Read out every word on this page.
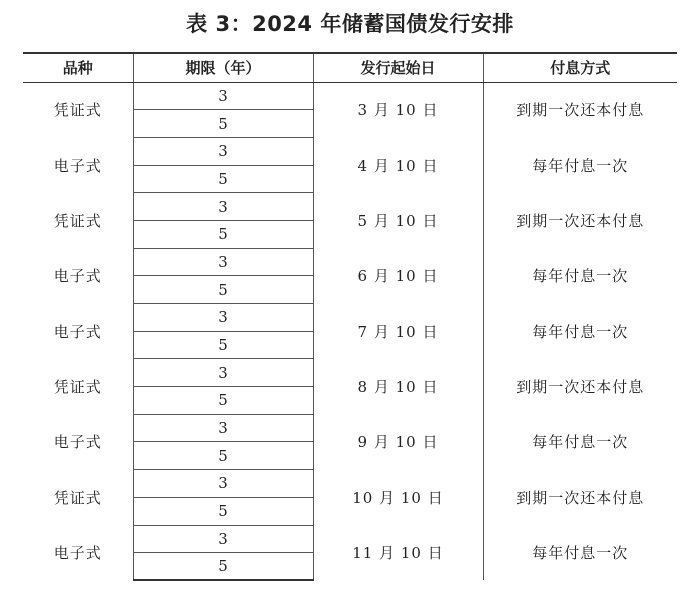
表 3：2024 年储蓄国债发行安排
品种	期限（年）	发行起始日	付息方式
凭证式	3	3 月 10 日	到期一次还本付息
	5		
电子式	3	4 月 10 日	每年付息一次
	5		
凭证式	3	5 月 10 日	到期一次还本付息
	5		
电子式	3	6 月 10 日	每年付息一次
	5		
电子式	3	7 月 10 日	每年付息一次
	5		
凭证式	3	8 月 10 日	到期一次还本付息
	5		
电子式	3	9 月 10 日	每年付息一次
	5		
凭证式	3	10 月 10 日	到期一次还本付息
	5		
电子式	3	11 月 10 日	每年付息一次
	5		
